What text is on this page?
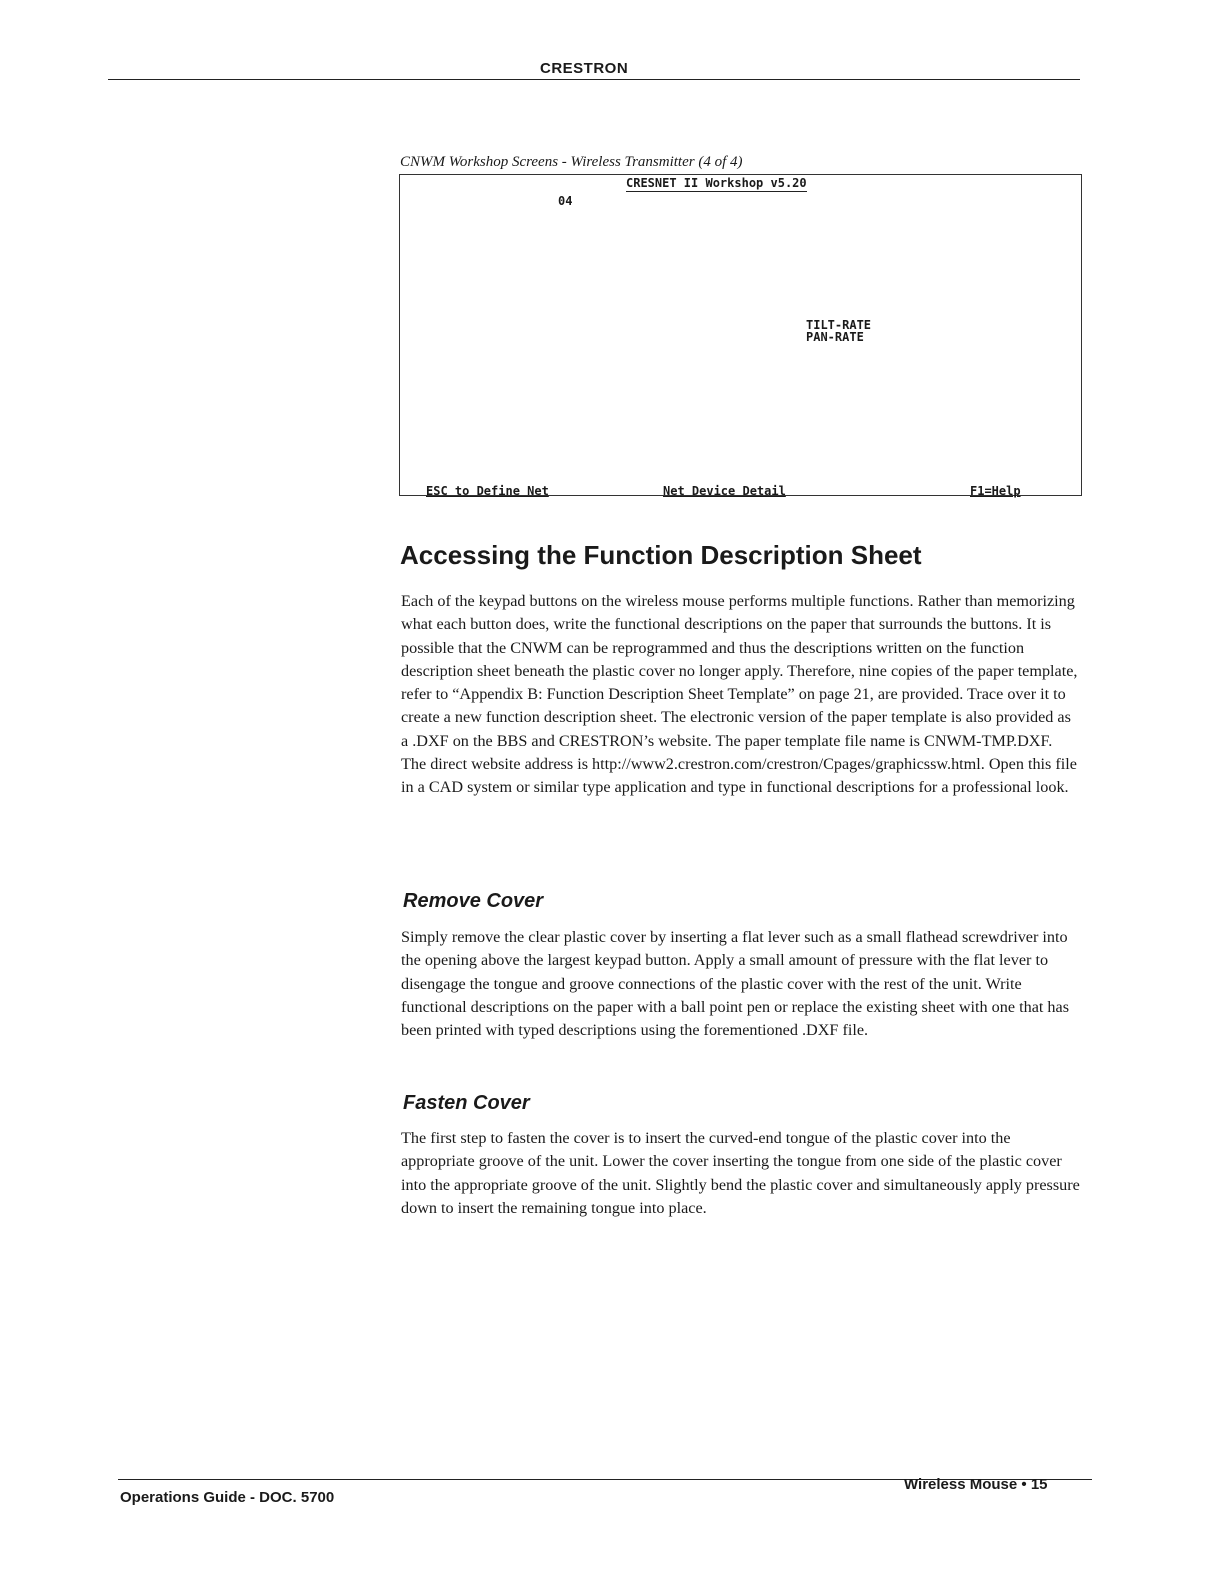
CRESTRON
CNWM Workshop Screens - Wireless Transmitter (4 of 4)
CRESNET II Workshop v5.20
04
TILT-RATE
PAN-RATE
ESC to Define Net	Net Device Detail	F1=Help
Accessing the Function Description Sheet

Each of the keypad buttons on the wireless mouse performs multiple functions. Rather than memorizing what each button does, write the functional descriptions on the paper that surrounds the buttons. It is possible that the CNWM can be reprogrammed and thus the descriptions written on the function description sheet beneath the plastic cover no longer apply. Therefore, nine copies of the paper template, refer to “Appendix B: Function Description Sheet Template” on page 21, are provided. Trace over it to create a new function description sheet. The electronic version of the paper template is also provided as a .DXF on the BBS and CRESTRON’s website. The paper template file name is CNWM-TMP.DXF. The direct website address is http://www2.crestron.com/crestron/Cpages/graphicssw.html. Open this file in a CAD system or similar type application and type in functional descriptions for a professional look.

Remove Cover

Simply remove the clear plastic cover by inserting a flat lever such as a small flathead screwdriver into the opening above the largest keypad button. Apply a small amount of pressure with the flat lever to disengage the tongue and groove connections of the plastic cover with the rest of the unit. Write functional descriptions on the paper with a ball point pen or replace the existing sheet with one that has been printed with typed descriptions using the forementioned .DXF file.

Fasten Cover

The first step to fasten the cover is to insert the curved-end tongue of the plastic cover into the appropriate groove of the unit. Lower the cover inserting the tongue from one side of the plastic cover into the appropriate groove of the unit. Slightly bend the plastic cover and simultaneously apply pressure down to insert the remaining tongue into place.

Operations Guide - DOC. 5700
Wireless Mouse • 15
